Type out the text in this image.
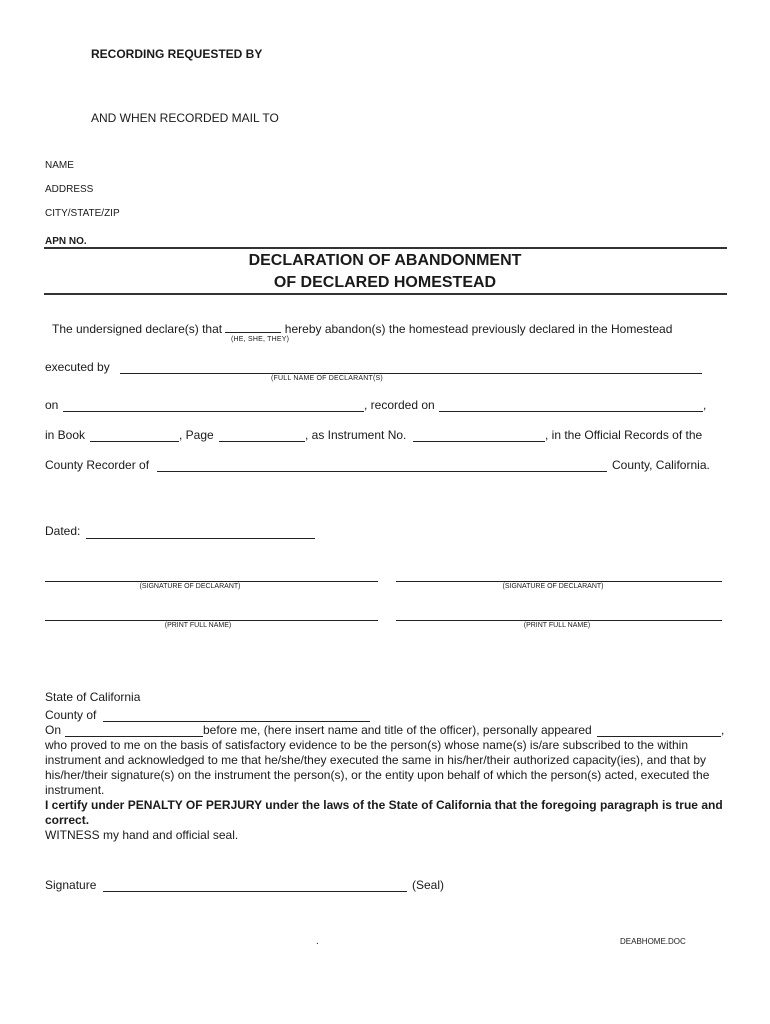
RECORDING REQUESTED BY
AND WHEN RECORDED MAIL TO
NAME
ADDRESS
CITY/STATE/ZIP
APN NO.
DECLARATION OF ABANDONMENT
OF DECLARED HOMESTEAD
The undersigned declare(s) that	hereby abandon(s) the homestead previously declared in the Homestead
(HE, SHE, THEY)
executed by
(FULL NAME OF DECLARANT(S)
on	, recorded on	,
in Book	, Page	, as Instrument No.	, in the Official Records of the
County Recorder of	County, California.
Dated:
(SIGNATURE OF DECLARANT)	(SIGNATURE OF DECLARANT)
(PRINT FULL NAME)	(PRINT FULL NAME)
State of California
County of
On	before me, (here insert name and title of the officer), personally appeared	,
who proved to me on the basis of satisfactory evidence to be the person(s) whose name(s) is/are subscribed to the within instrument and acknowledged to me that he/she/they executed the same in his/her/their authorized capacity(ies), and that by his/her/their signature(s) on the instrument the person(s), or the entity upon behalf of which the person(s) acted, executed the instrument.
I certify under PENALTY OF PERJURY under the laws of the State of California that the foregoing paragraph is true and correct.
WITNESS my hand and official seal.
Signature	(Seal)
.	DEABHOME.DOC
